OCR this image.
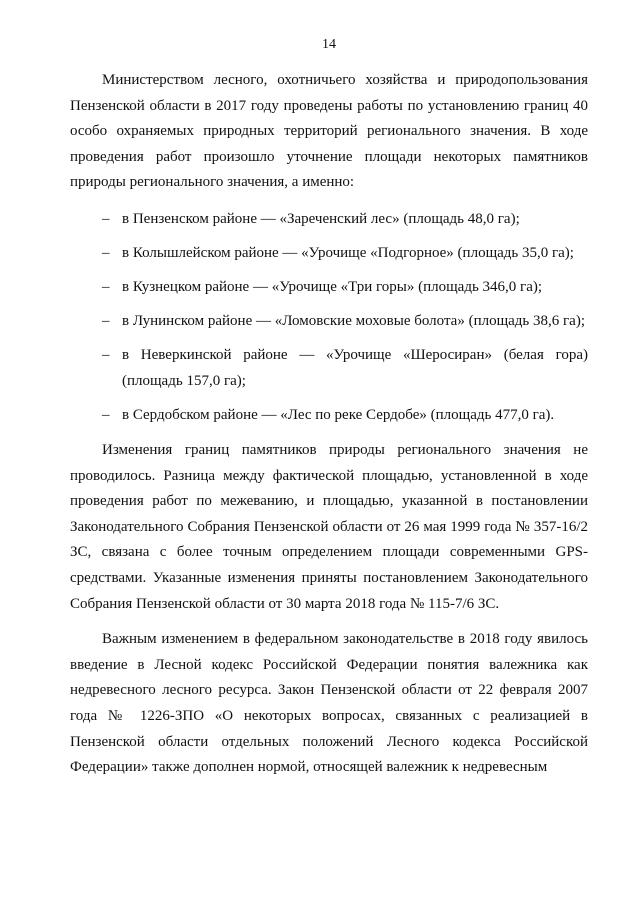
14

Министерством лесного, охотничьего хозяйства и природопользования Пензенской области в 2017 году проведены работы по установлению границ 40 особо охраняемых природных территорий регионального значения. В ходе проведения работ произошло уточнение площади некоторых памятников природы регионального значения, а именно:

– в Пензенском районе — «Зареченский лес» (площадь 48,0 га);
– в Колышлейском районе — «Урочище «Подгорное» (площадь 35,0 га);
– в Кузнецком районе — «Урочище «Три горы» (площадь 346,0 га);
– в Лунинском районе — «Ломовские моховые болота» (площадь 38,6 га);
– в Неверкинской районе — «Урочище «Шеросиран» (белая гора) (площадь 157,0 га);
– в Сердобском районе — «Лес по реке Сердобе» (площадь 477,0 га).

Изменения границ памятников природы регионального значения не проводилось. Разница между фактической площадью, установленной в ходе проведения работ по межеванию, и площадью, указанной в постановлении Законодательного Собрания Пензенской области от 26 мая 1999 года № 357-16/2 ЗС, связана с более точным определением площади современными GPS-средствами. Указанные изменения приняты постановлением Законодательного Собрания Пензенской области от 30 марта 2018 года № 115-7/6 ЗС.

Важным изменением в федеральном законодательстве в 2018 году явилось введение в Лесной кодекс Российской Федерации понятия валежника как недревесного лесного ресурса. Закон Пензенской области от 22 февраля 2007 года № 1226-ЗПО «О некоторых вопросах, связанных с реализацией в Пензенской области отдельных положений Лесного кодекса Российской Федерации» также дополнен нормой, относящей валежник к недревесным
